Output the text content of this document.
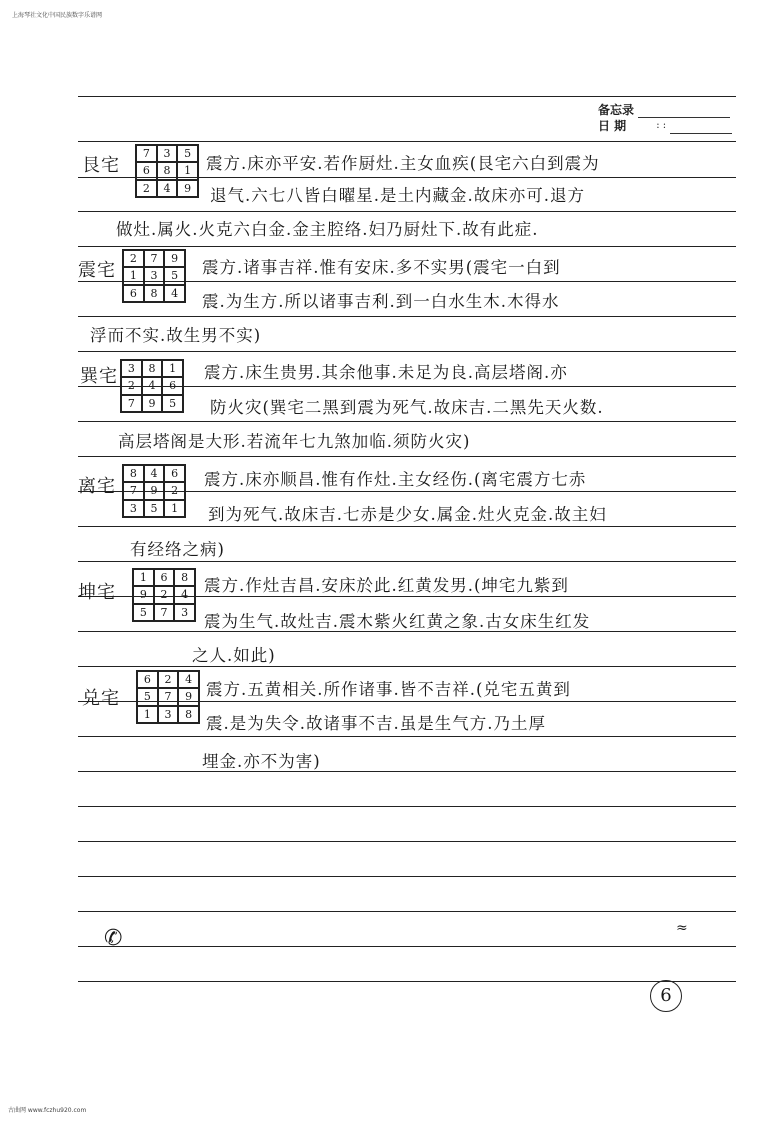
上海琴社文化中国民族数字乐谱网
备忘录
日 期	: :
艮宅
7	3	5
6	8	1
2	4	9
震方.床亦平安.若作厨灶.主女血疾(艮宅六白到震为
退气.六七八皆白曜星.是土内藏金.故床亦可.退方
做灶.属火.火克六白金.金主腔络.妇乃厨灶下.故有此症.
震宅
2	7	9
1	3	5
6	8	4
震方.诸事吉祥.惟有安床.多不实男(震宅一白到
震.为生方.所以诸事吉利.到一白水生木.木得水
浮而不实.故生男不实)
巽宅 3	8	1
2	4	6
7	9	5
震方.床生贵男.其余他事.未足为良.高层塔阁.亦
防火灾(巽宅二黑到震为死气.故床吉.二黑先天火数.
高层塔阁是大形.若流年七九煞加临.须防火灾)
离宅
8	4	6
7	9	2
3	5	1
震方.床亦顺昌.惟有作灶.主女经伤.(离宅震方七赤
到为死气.故床吉.七赤是少女.属金.灶火克金.故主妇
有经络之病)
坤宅
1	6	8
9	2	4
5	7	3
震方.作灶吉昌.安床於此.红黄发男.(坤宅九紫到
震为生气.故灶吉.震木紫火红黄之象.古女床生红发
之人.如此)
兑宅
6	2	4
5	7	9
1	3	8
震方.五黄相关.所作诸事.皆不吉祥.(兑宅五黄到
震.是为失令.故诸事不吉.虽是生气方.乃土厚
埋金.亦不为害)
✆	≈
6
古曲网 www.fczhu920.com
